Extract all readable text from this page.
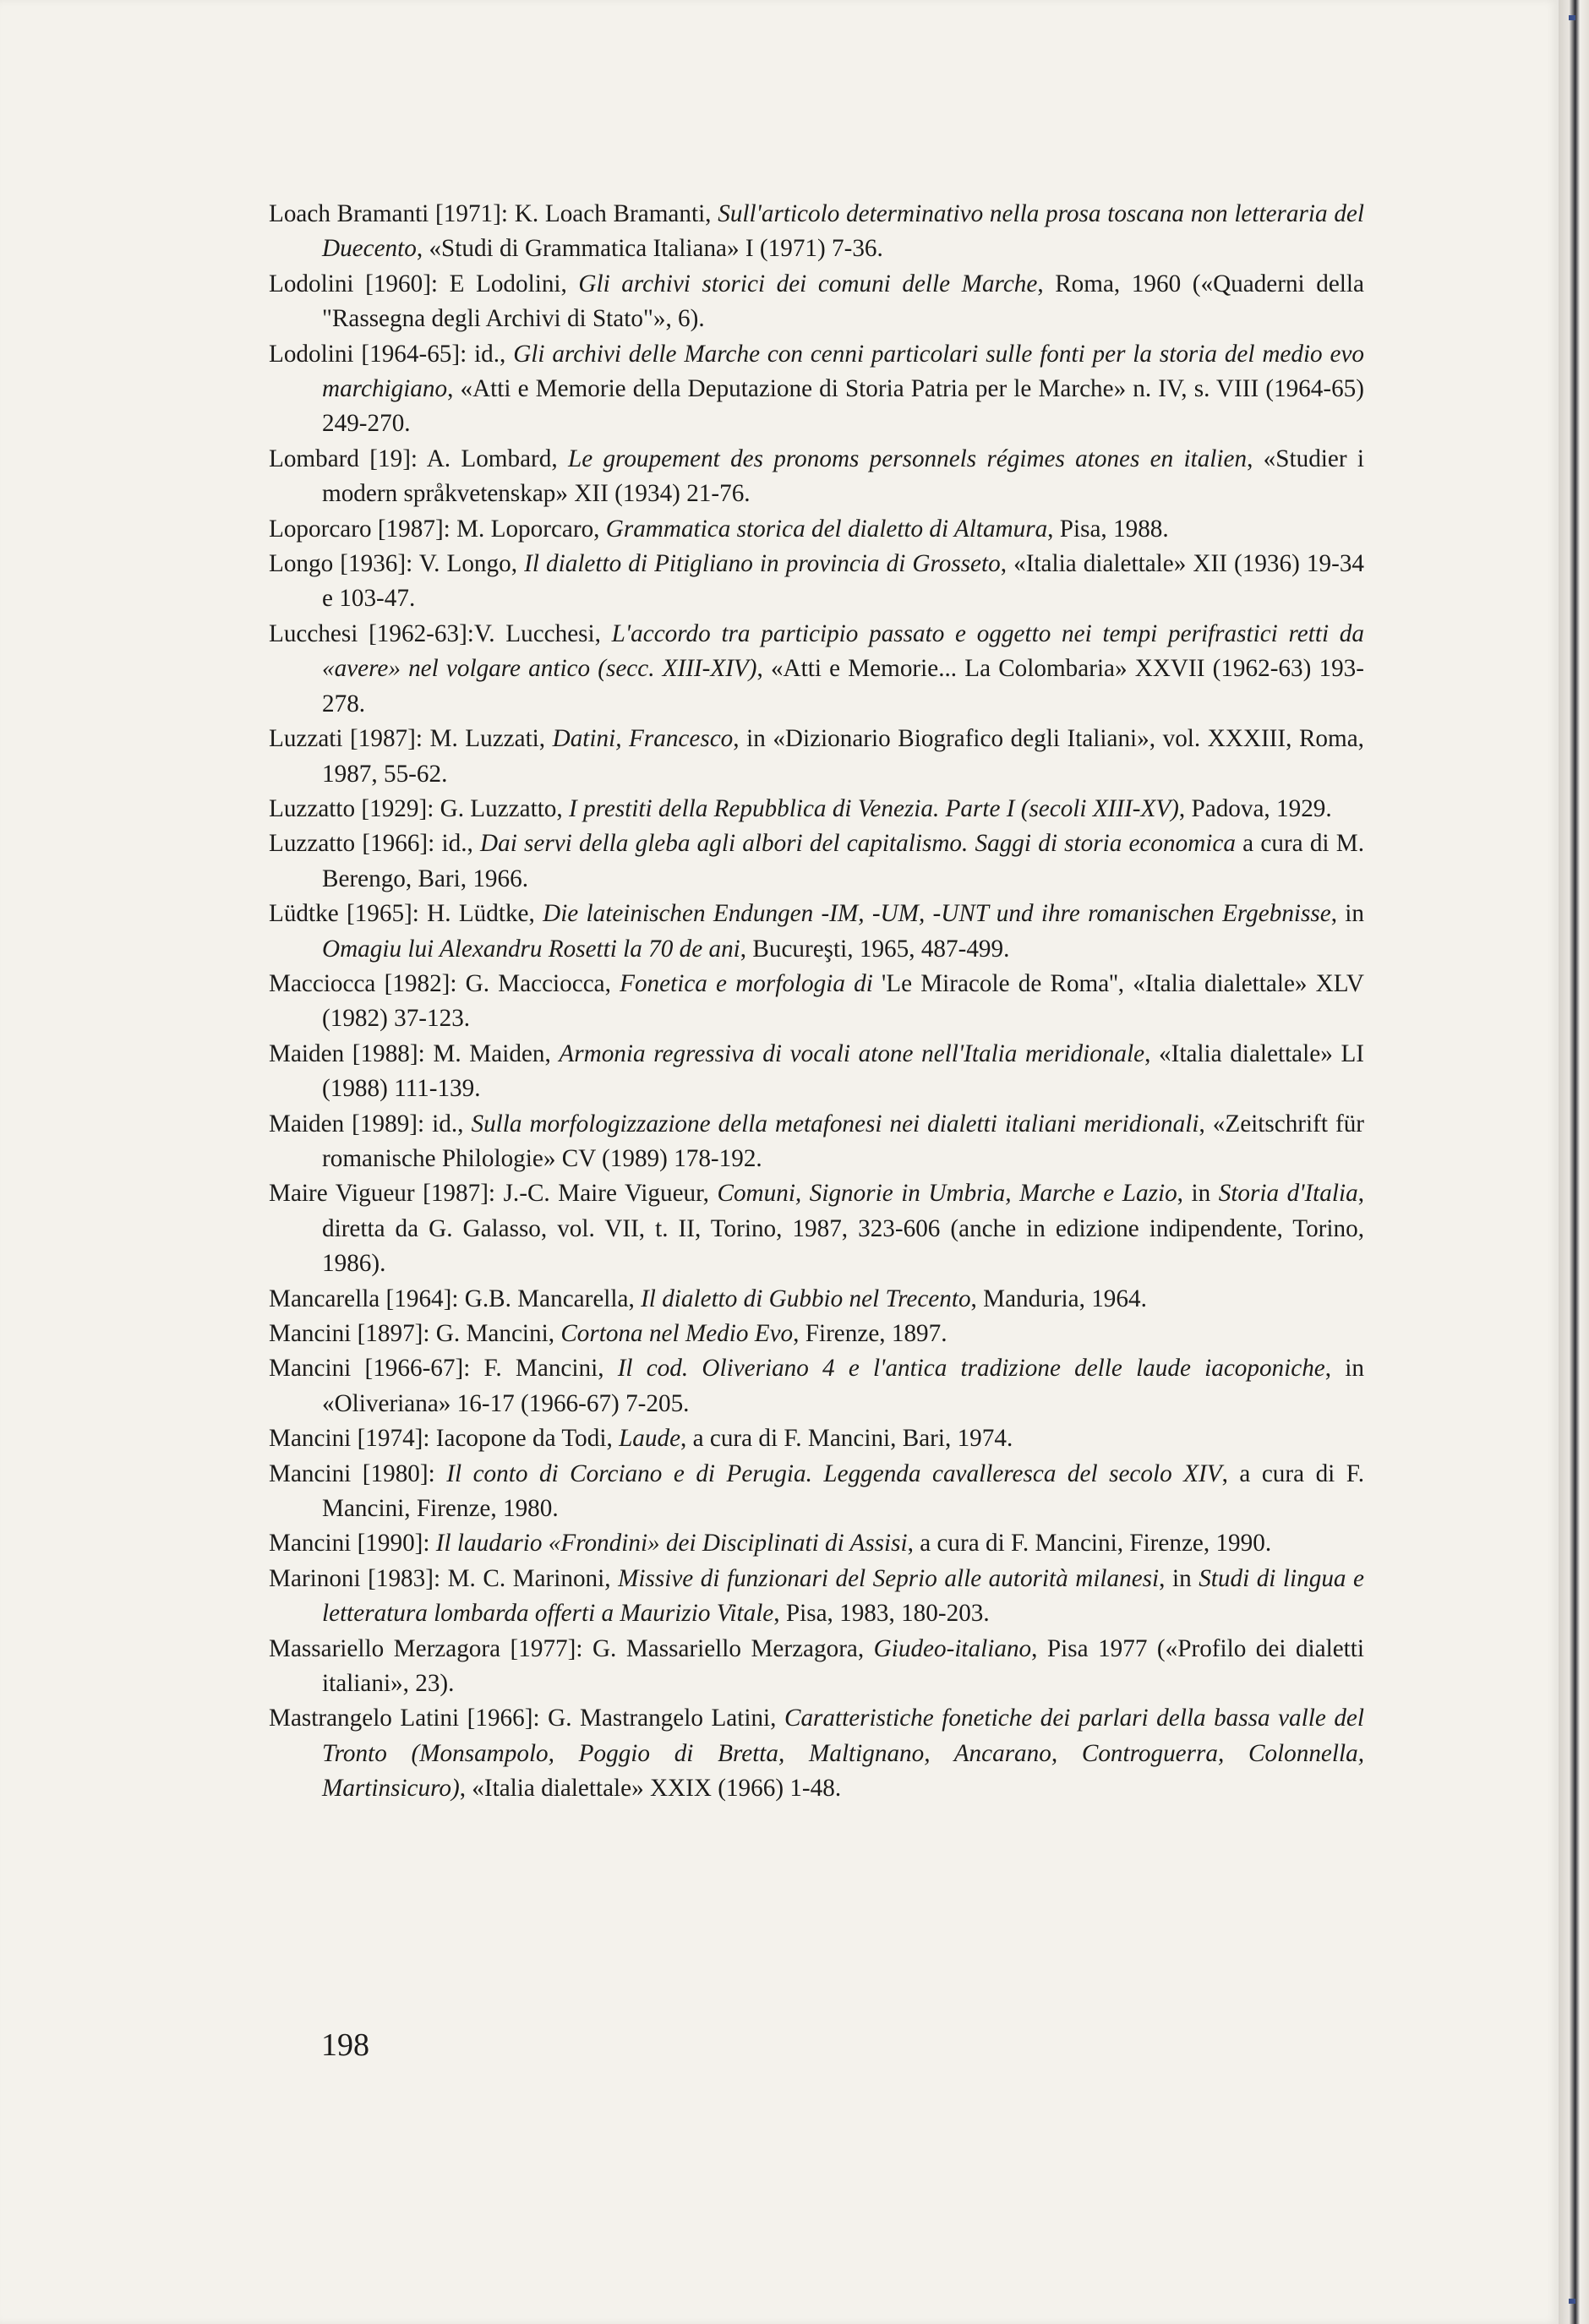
Loach Bramanti [1971]: K. Loach Bramanti, Sull'articolo determinativo nella prosa toscana non letteraria del Duecento, «Studi di Grammatica Italiana» I (1971) 7-36.

Lodolini [1960]: E Lodolini, Gli archivi storici dei comuni delle Marche, Roma, 1960 («Quaderni della "Rassegna degli Archivi di Stato"», 6).

Lodolini [1964-65]: id., Gli archivi delle Marche con cenni particolari sulle fonti per la storia del medio evo marchigiano, «Atti e Memorie della Deputazione di Storia Patria per le Marche» n. IV, s. VIII (1964-65) 249-270.

Lombard [19]: A. Lombard, Le groupement des pronoms personnels régimes atones en italien, «Studier i modern språkvetenskap» XII (1934) 21-76.

Loporcaro [1987]: M. Loporcaro, Grammatica storica del dialetto di Altamura, Pisa, 1988.

Longo [1936]: V. Longo, Il dialetto di Pitigliano in provincia di Grosseto, «Italia dialettale» XII (1936) 19-34 e 103-47.

Lucchesi [1962-63]:V. Lucchesi, L'accordo tra participio passato e oggetto nei tempi perifrastici retti da «avere» nel volgare antico (secc. XIII-XIV), «Atti e Memorie... La Colombaria» XXVII (1962-63) 193-278.

Luzzati [1987]: M. Luzzati, Datini, Francesco, in «Dizionario Biografico degli Italiani», vol. XXXIII, Roma, 1987, 55-62.

Luzzatto [1929]: G. Luzzatto, I prestiti della Repubblica di Venezia. Parte I (secoli XIII-XV), Padova, 1929.

Luzzatto [1966]: id., Dai servi della gleba agli albori del capitalismo. Saggi di storia economica a cura di M. Berengo, Bari, 1966.

Lüdtke [1965]: H. Lüdtke, Die lateinischen Endungen -IM, -UM, -UNT und ihre romanischen Ergebnisse, in Omagiu lui Alexandru Rosetti la 70 de ani, Bucureşti, 1965, 487-499.

Macciocca [1982]: G. Macciocca, Fonetica e morfologia di 'Le Miracole de Roma'', «Italia dialettale» XLV (1982) 37-123.

Maiden [1988]: M. Maiden, Armonia regressiva di vocali atone nell'Italia meridionale, «Italia dialettale» LI (1988) 111-139.

Maiden [1989]: id., Sulla morfologizzazione della metafonesi nei dialetti italiani meridionali, «Zeitschrift für romanische Philologie» CV (1989) 178-192.

Maire Vigueur [1987]: J.-C. Maire Vigueur, Comuni, Signorie in Umbria, Marche e Lazio, in Storia d'Italia, diretta da G. Galasso, vol. VII, t. II, Torino, 1987, 323-606 (anche in edizione indipendente, Torino, 1986).

Mancarella [1964]: G.B. Mancarella, Il dialetto di Gubbio nel Trecento, Manduria, 1964.

Mancini [1897]: G. Mancini, Cortona nel Medio Evo, Firenze, 1897.

Mancini [1966-67]: F. Mancini, Il cod. Oliveriano 4 e l'antica tradizione delle laude iacoponiche, in «Oliveriana» 16-17 (1966-67) 7-205.

Mancini [1974]: Iacopone da Todi, Laude, a cura di F. Mancini, Bari, 1974.

Mancini [1980]: Il conto di Corciano e di Perugia. Leggenda cavalleresca del secolo XIV, a cura di F. Mancini, Firenze, 1980.

Mancini [1990]: Il laudario «Frondini» dei Disciplinati di Assisi, a cura di F. Mancini, Firenze, 1990.

Marinoni [1983]: M. C. Marinoni, Missive di funzionari del Seprio alle autorità milanesi, in Studi di lingua e letteratura lombarda offerti a Maurizio Vitale, Pisa, 1983, 180-203.

Massariello Merzagora [1977]: G. Massariello Merzagora, Giudeo-italiano, Pisa 1977 («Profilo dei dialetti italiani», 23).

Mastrangelo Latini [1966]: G. Mastrangelo Latini, Caratteristiche fonetiche dei parlari della bassa valle del Tronto (Monsampolo, Poggio di Bretta, Maltignano, Ancarano, Controguerra, Colonnella, Martinsicuro), «Italia dialettale» XXIX (1966) 1-48.

198
